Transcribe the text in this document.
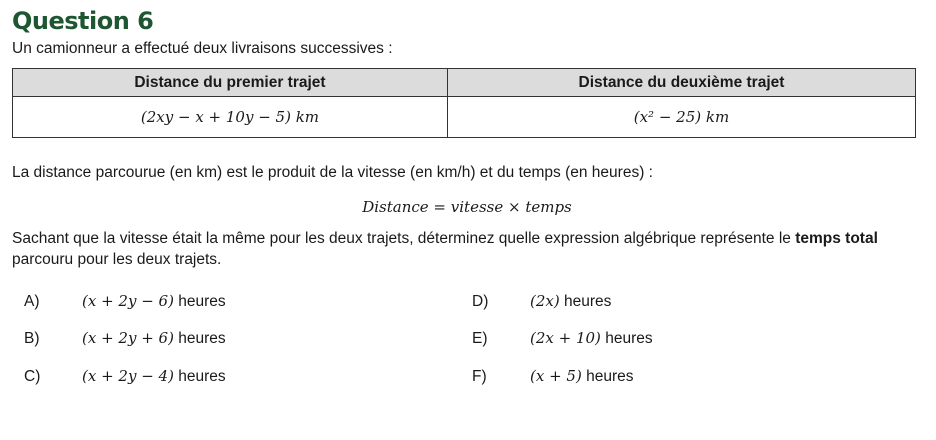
Question 6
Un camionneur a effectué deux livraisons successives :
Distance du premier trajet	Distance du deuxième trajet
(2xy − x + 10y − 5) km	(x² − 25) km
La distance parcourue (en km) est le produit de la vitesse (en km/h) et du temps (en heures) :
Distance = vitesse × temps
Sachant que la vitesse était la même pour les deux trajets, déterminez quelle expression algébrique représente le temps total parcouru pour les deux trajets.
A)	(x + 2y − 6) heures
B)	(x + 2y + 6) heures
C)	(x + 2y − 4) heures
D)	(2x) heures
E)	(2x + 10) heures
F)	(x + 5) heures
